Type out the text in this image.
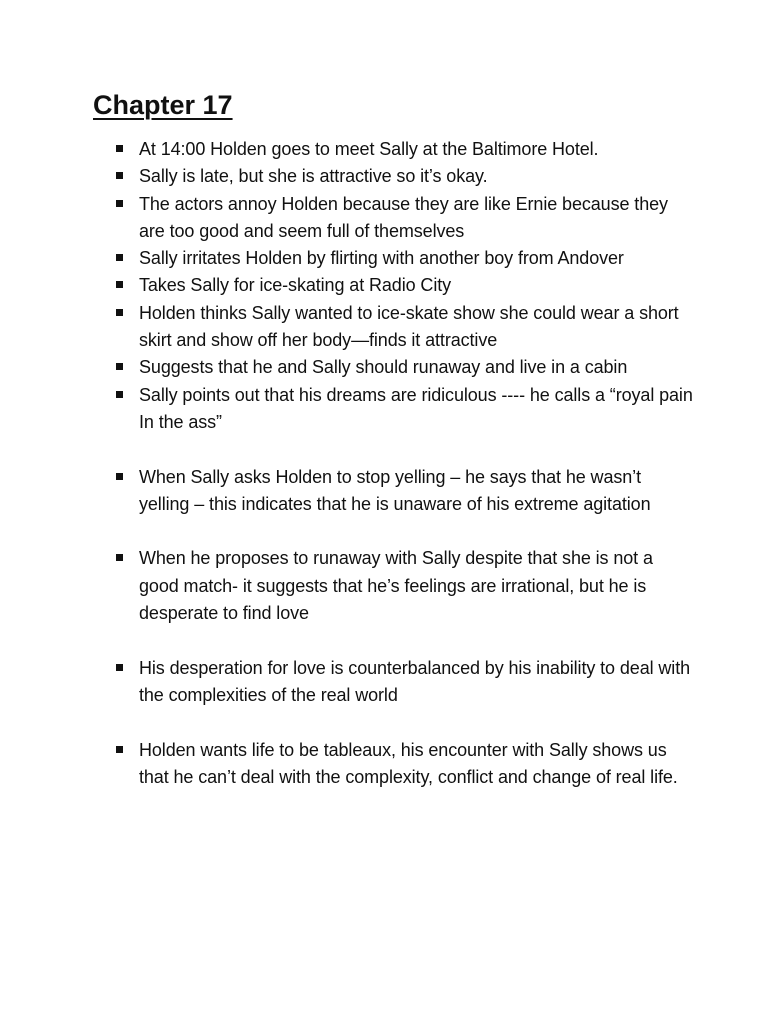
Chapter 17
At 14:00 Holden goes to meet Sally at the Baltimore Hotel.
Sally is late, but she is attractive so it’s okay.
The actors annoy Holden because they are like Ernie because they are too good and seem full of themselves
Sally irritates Holden by flirting with another boy from Andover
Takes Sally for ice-skating at Radio City
Holden thinks Sally wanted to ice-skate show she could wear a short skirt and show off her body—finds it attractive
Suggests that he and Sally should runaway and live in a cabin
Sally points out that his dreams are ridiculous ---- he calls a “royal pain In the ass”
When Sally asks Holden to stop yelling – he says that he wasn’t yelling – this indicates that he is unaware of his extreme agitation
When he proposes to runaway with Sally despite that she is not a good match- it suggests that he’s feelings are irrational, but he is desperate to find love
His desperation for love is counterbalanced by his inability to deal with the complexities of the real world
Holden wants life to be tableaux, his encounter with Sally shows us that he can’t deal with the complexity, conflict and change of real life.
